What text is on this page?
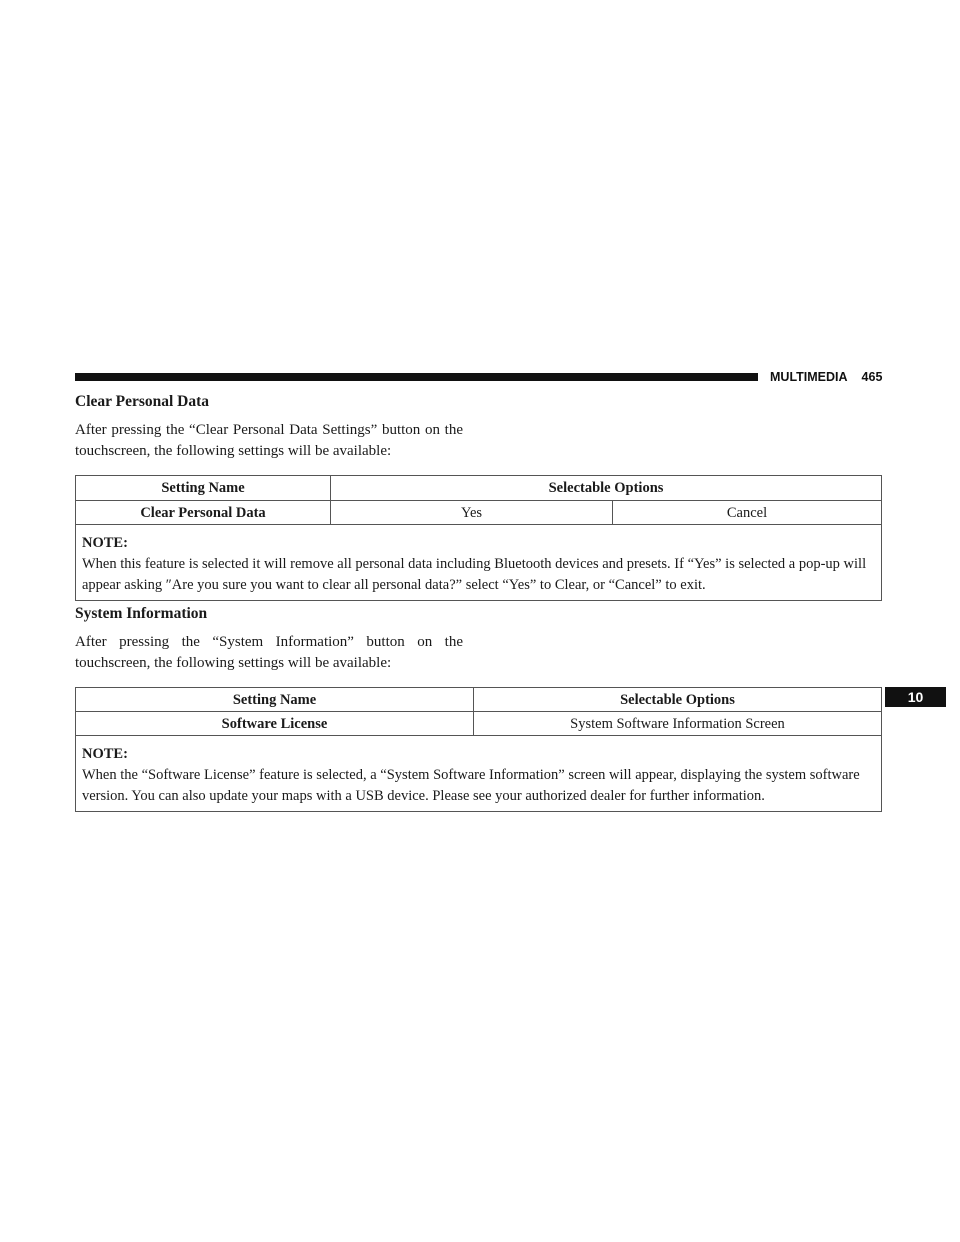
MULTIMEDIA 465
Clear Personal Data
After pressing the “Clear Personal Data Settings” button on the touchscreen, the following settings will be available:
Setting Name	Selectable Options	
Clear Personal Data	Yes	Cancel

NOTE:
When this feature is selected it will remove all personal data including Bluetooth devices and presets. If “Yes” is selected a pop-up will appear asking ″Are you sure you want to clear all personal data?” select “Yes” to Clear, or “Cancel” to exit.		
System Information
After pressing the “System Information” button on the touchscreen, the following settings will be available:
Setting Name	Selectable Options
Software License	System Software Information Screen

NOTE:
When the “Software License” feature is selected, a “System Software Information” screen will appear, displaying the system software version. You can also update your maps with a USB device. Please see your authorized dealer for further information.	
10
